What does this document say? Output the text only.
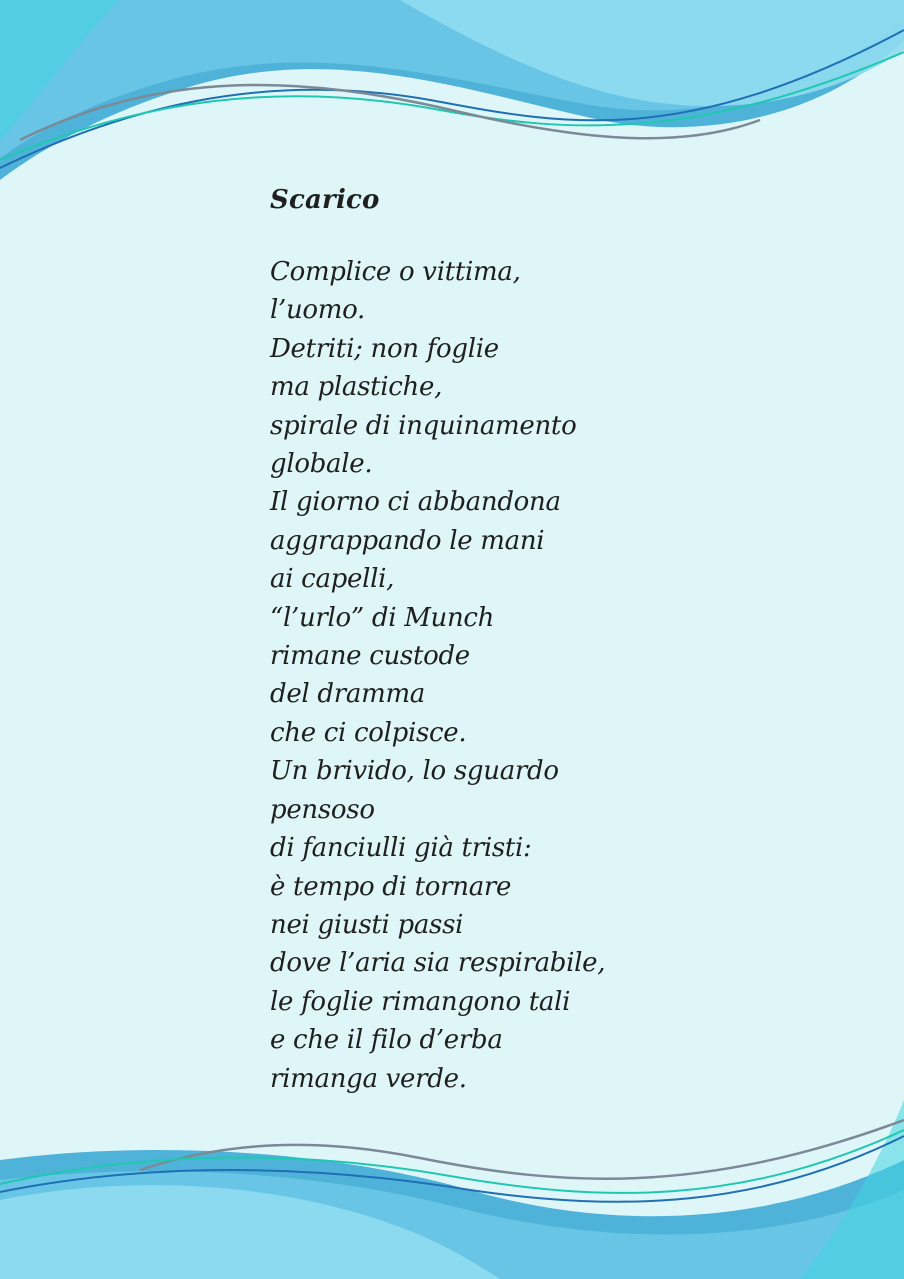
Scarico
Complice o vittima,
l’uomo.
Detriti; non foglie
ma plastiche,
spirale di inquinamento
globale.
Il giorno ci abbandona
aggrappando le mani
ai capelli,
“l’urlo” di Munch
rimane custode
del dramma
che ci colpisce.
Un brivido, lo sguardo
pensoso
di fanciulli già tristi:
è tempo di tornare
nei giusti passi
dove l’aria sia respirabile,
le foglie rimangono tali
e che il filo d’erba
rimanga verde.
